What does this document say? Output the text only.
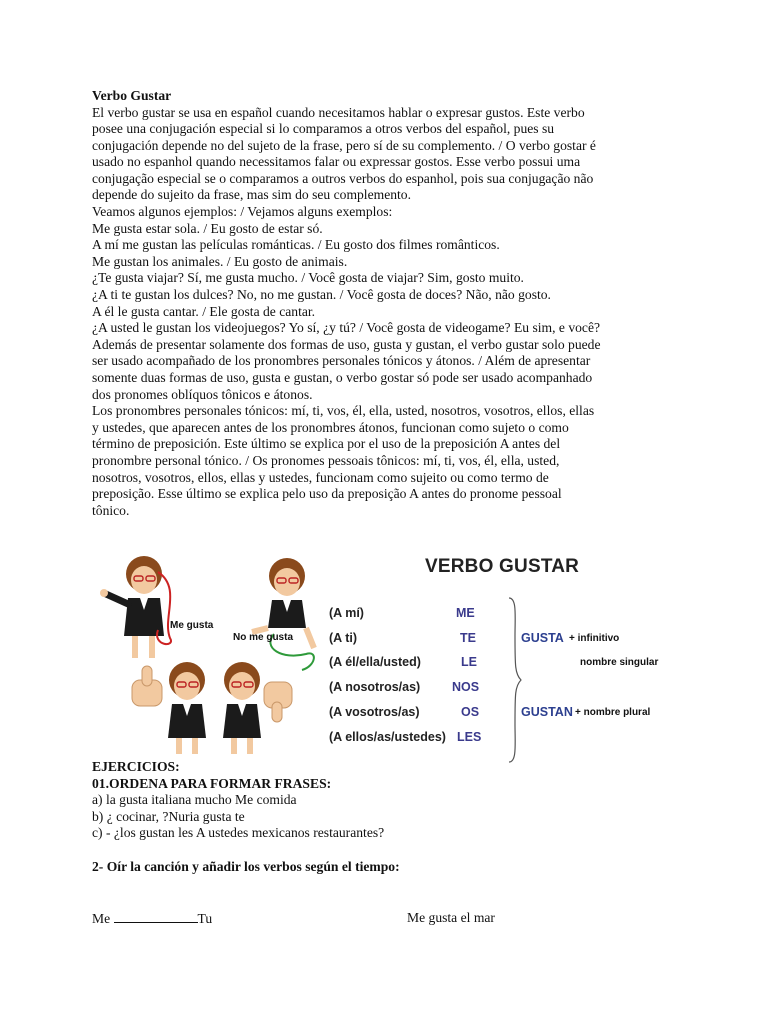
Verbo Gustar

El verbo gustar se usa en español cuando necesitamos hablar o expresar gustos. Este verbo
posee una conjugación especial si lo comparamos a otros verbos del español, pues su
conjugación depende no del sujeto de la frase, pero sí de su complemento. / O verbo gostar é
usado no espanhol quando necessitamos falar ou expressar gostos. Esse verbo possui uma
conjugação especial se o comparamos a outros verbos do espanhol, pois sua conjugação não
depende do sujeito da frase, mas sim do seu complemento.
Veamos algunos ejemplos: / Vejamos alguns exemplos:
Me gusta estar sola. / Eu gosto de estar só.
A mí me gustan las películas románticas. / Eu gosto dos filmes românticos.
Me gustan los animales. / Eu gosto de animais.
¿Te gusta viajar? Sí, me gusta mucho. / Você gosta de viajar? Sim, gosto muito.
¿A ti te gustan los dulces? No, no me gustan. / Você gosta de doces? Não, não gosto.
A él le gusta cantar. / Ele gosta de cantar.
¿A usted le gustan los videojuegos? Yo sí, ¿y tú? / Você gosta de videogame? Eu sim, e você?
Además de presentar solamente dos formas de uso, gusta y gustan, el verbo gustar solo puede
ser usado acompañado de los pronombres personales tónicos y átonos. / Além de apresentar
somente duas formas de uso, gusta e gustan, o verbo gostar só pode ser usado acompanhado
dos pronomes oblíquos tônicos e átonos.
Los pronombres personales tónicos: mí, ti, vos, él, ella, usted, nosotros, vosotros, ellos, ellas
y ustedes, que aparecen antes de los pronombres átonos, funcionan como sujeto o como
término de preposición. Este último se explica por el uso de la preposición A antes del
pronombre personal tónico. / Os pronomes pessoais tônicos: mí, ti, vos, él, ella, usted,
nosotros, vosotros, ellos, ellas y ustedes, funcionam como sujeito ou como termo de
preposição. Esse último se explica pelo uso da preposição A antes do pronome pessoal
tônico.

Me gusta
No me gusta
VERBO GUSTAR
(A mí)	ME
(A ti)	TE
(A él/ella/usted)	LE
(A nosotros/as)	NOS
(A vosotros/as)	OS
(A ellos/as/ustedes) LES
GUSTA + infinitivo
nombre singular
GUSTAN + nombre plural

EJERCICIOS:

01.ORDENA PARA FORMAR FRASES:

a) la gusta italiana mucho Me comida

b) ¿ cocinar, ?Nuria gusta te

c) - ¿los gustan les A ustedes mexicanos restaurantes?

2- Oír la canción y añadir los verbos según el tiempo:
Me	Tu	Me gusta el mar
